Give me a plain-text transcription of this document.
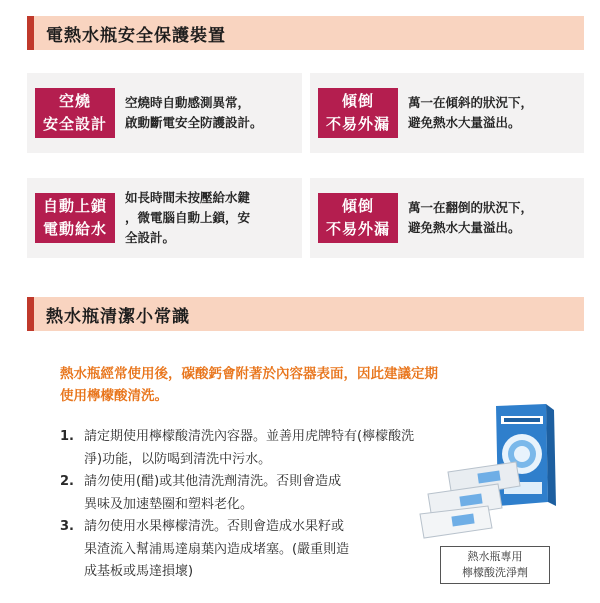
電熱水瓶安全保護裝置
空燒
安全設計
空燒時自動感測異常，
啟動斷電安全防護設計。
傾倒
不易外漏
萬一在傾斜的狀況下，
避免熱水大量溢出。
自動上鎖
電動給水
如長時間未按壓給水鍵
，微電腦自動上鎖，安
全設計。
傾倒
不易外漏
萬一在翻倒的狀況下，
避免熱水大量溢出。
熱水瓶清潔小常識
熱水瓶經常使用後，碳酸鈣會附著於內容器表面，因此建議定期
使用檸檬酸清洗。
1. 請定期使用檸檬酸清洗內容器。並善用虎牌特有(檸檬酸洗
淨)功能，以防喝到清洗中污水。
2. 請勿使用(醋)或其他清洗劑清洗。否則會造成
異味及加速墊圈和塑料老化。
3. 請勿使用水果檸檬清洗。否則會造成水果籽或
果渣流入幫浦馬達扇葉內造成堵塞。(嚴重則造
成基板或馬達損壞)
熱水瓶專用
檸檬酸洗淨劑
